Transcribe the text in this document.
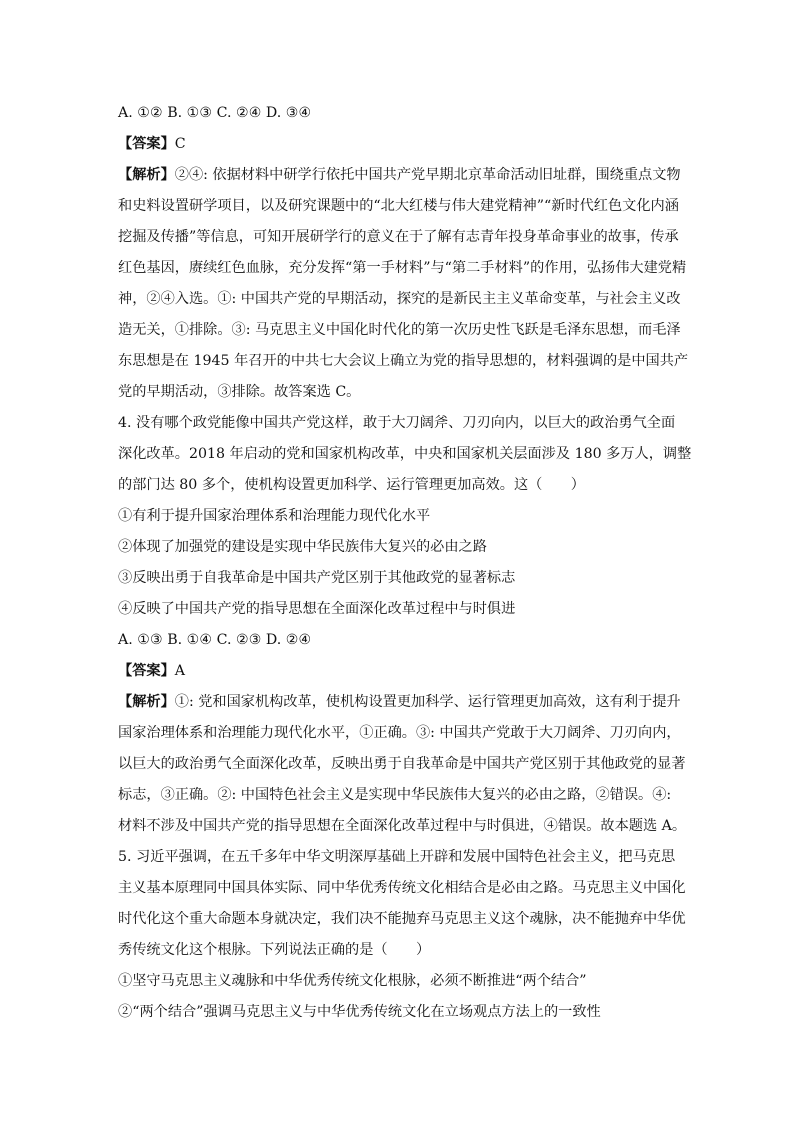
A. ①② B. ①③ C. ②④ D. ③④
【答案】C
【解析】②④: 依据材料中研学行依托中国共产党早期北京革命活动旧址群，围绕重点文物
和史料设置研学项目，以及研究课题中的“北大红楼与伟大建党精神”“新时代红色文化内涵
挖掘及传播”等信息，可知开展研学行的意义在于了解有志青年投身革命事业的故事，传承
红色基因，赓续红色血脉，充分发挥“第一手材料”与“第二手材料”的作用，弘扬伟大建党精
神，②④入选。①: 中国共产党的早期活动，探究的是新民主主义革命变革，与社会主义改
造无关，①排除。③: 马克思主义中国化时代化的第一次历史性飞跃是毛泽东思想，而毛泽
东思想是在 1945 年召开的中共七大会议上确立为党的指导思想的，材料强调的是中国共产
党的早期活动，③排除。故答案选 C。
4. 没有哪个政党能像中国共产党这样，敢于大刀阔斧、刀刃向内，以巨大的政治勇气全面
深化改革。2018 年启动的党和国家机构改革，中央和国家机关层面涉及 180 多万人，调整
的部门达 80 多个，使机构设置更加科学、运行管理更加高效。这（　　）
①有利于提升国家治理体系和治理能力现代化水平
②体现了加强党的建设是实现中华民族伟大复兴的必由之路
③反映出勇于自我革命是中国共产党区别于其他政党的显著标志
④反映了中国共产党的指导思想在全面深化改革过程中与时俱进
A. ①③ B. ①④ C. ②③ D. ②④
【答案】A
【解析】①: 党和国家机构改革，使机构设置更加科学、运行管理更加高效，这有利于提升
国家治理体系和治理能力现代化水平，①正确。③: 中国共产党敢于大刀阔斧、刀刃向内，
以巨大的政治勇气全面深化改革，反映出勇于自我革命是中国共产党区别于其他政党的显著
标志，③正确。②: 中国特色社会主义是实现中华民族伟大复兴的必由之路，②错误。④:
材料不涉及中国共产党的指导思想在全面深化改革过程中与时俱进，④错误。故本题选 A。
5. 习近平强调，在五千多年中华文明深厚基础上开辟和发展中国特色社会主义，把马克思
主义基本原理同中国具体实际、同中华优秀传统文化相结合是必由之路。马克思主义中国化
时代化这个重大命题本身就决定，我们决不能抛弃马克思主义这个魂脉，决不能抛弃中华优
秀传统文化这个根脉。下列说法正确的是（　　）
①坚守马克思主义魂脉和中华优秀传统文化根脉，必须不断推进“两个结合”
②“两个结合”强调马克思主义与中华优秀传统文化在立场观点方法上的一致性
